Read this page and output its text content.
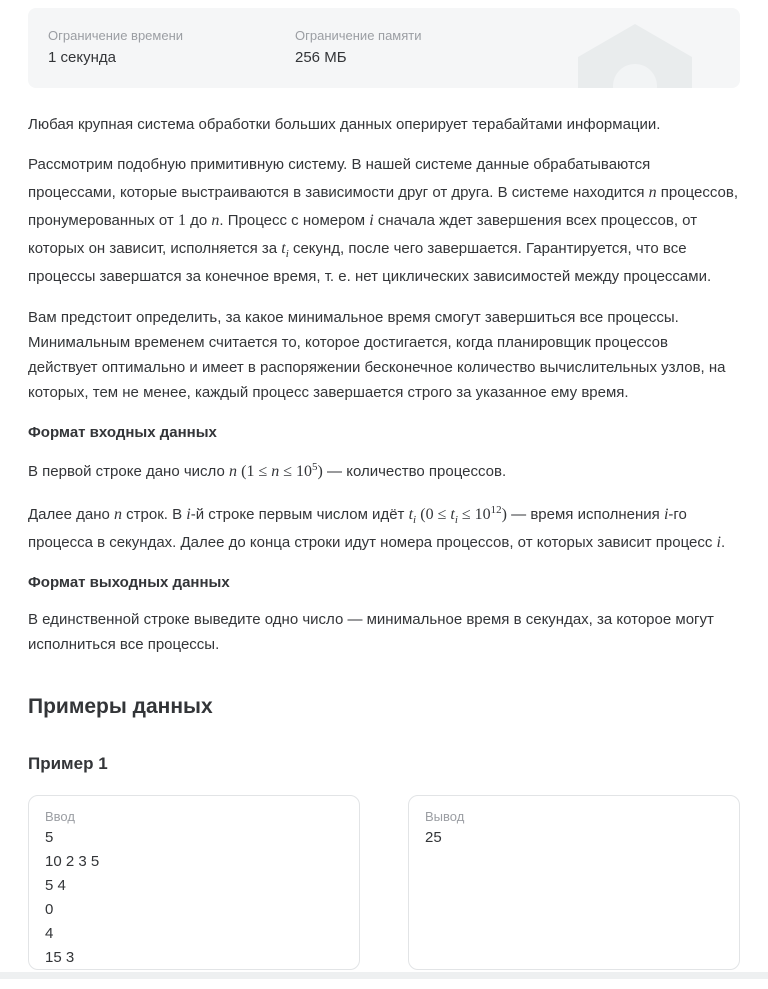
Ограничение времени
1 секунда
Ограничение памяти
256 МБ

Любая крупная система обработки больших данных оперирует терабайтами информации.

Рассмотрим подобную примитивную систему. В нашей системе данные обрабатываются процессами, которые выстраиваются в зависимости друг от друга. В системе находится n процессов, пронумерованных от 1 до n. Процесс с номером i сначала ждет завершения всех процессов, от которых он зависит, исполняется за $t_i$ секунд, после чего завершается. Гарантируется, что все процессы завершатся за конечное время, т. е. нет циклических зависимостей между процессами.

Вам предстоит определить, за какое минимальное время смогут завершиться все процессы. Минимальным временем считается то, которое достигается, когда планировщик процессов действует оптимально и имеет в распоряжении бесконечное количество вычислительных узлов, на которых, тем не менее, каждый процесс завершается строго за указанное ему время.

Формат входных данных

В первой строке дано число n $(1 \le n \le 10^5)$ — количество процессов.

Далее дано n строк. В i-й строке первым числом идёт $t_i$ $(0 \le t_i \le 10^{12})$ — время исполнения i-го процесса в секундах. Далее до конца строки идут номера процессов, от которых зависит процесс i.

Формат выходных данных

В единственной строке выведите одно число — минимальное время в секундах, за которое могут исполниться все процессы.

Примеры данных
Пример 1
Ввод
5
10 2 3 5
5 4
0
4
15 3
Вывод
25
